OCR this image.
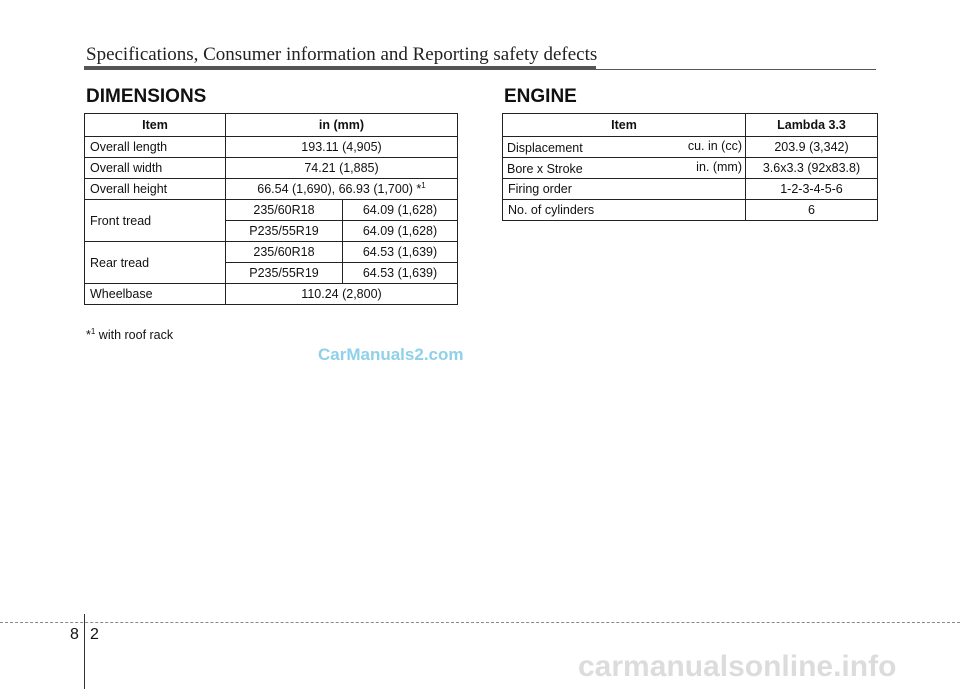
Specifications, Consumer information and Reporting safety defects
DIMENSIONS
Item	in (mm)	
Overall length	193.11 (4,905)	
Overall width	74.21 (1,885)	
Overall height	66.54 (1,690), 66.93 (1,700) *$^1$
Front tread	235/60R18	64.09 (1,628)
	P235/55R19	64.09 (1,628)
Rear tread	235/60R18	64.53 (1,639)
	P235/55R19	64.53 (1,639)
Wheelbase	110.24 (2,800)	
*$^1$ with roof rack
ENGINE
Item	Lambda 3.3

Displacement cu. in (cc)	203.9 (3,342)

Bore x Stroke in. (mm)	3.6x3.3 (92x83.8)
Firing order	1-2-3-4-5-6
No. of cylinders	6
CarManuals2.com
8 2
carmanualsonline.info
